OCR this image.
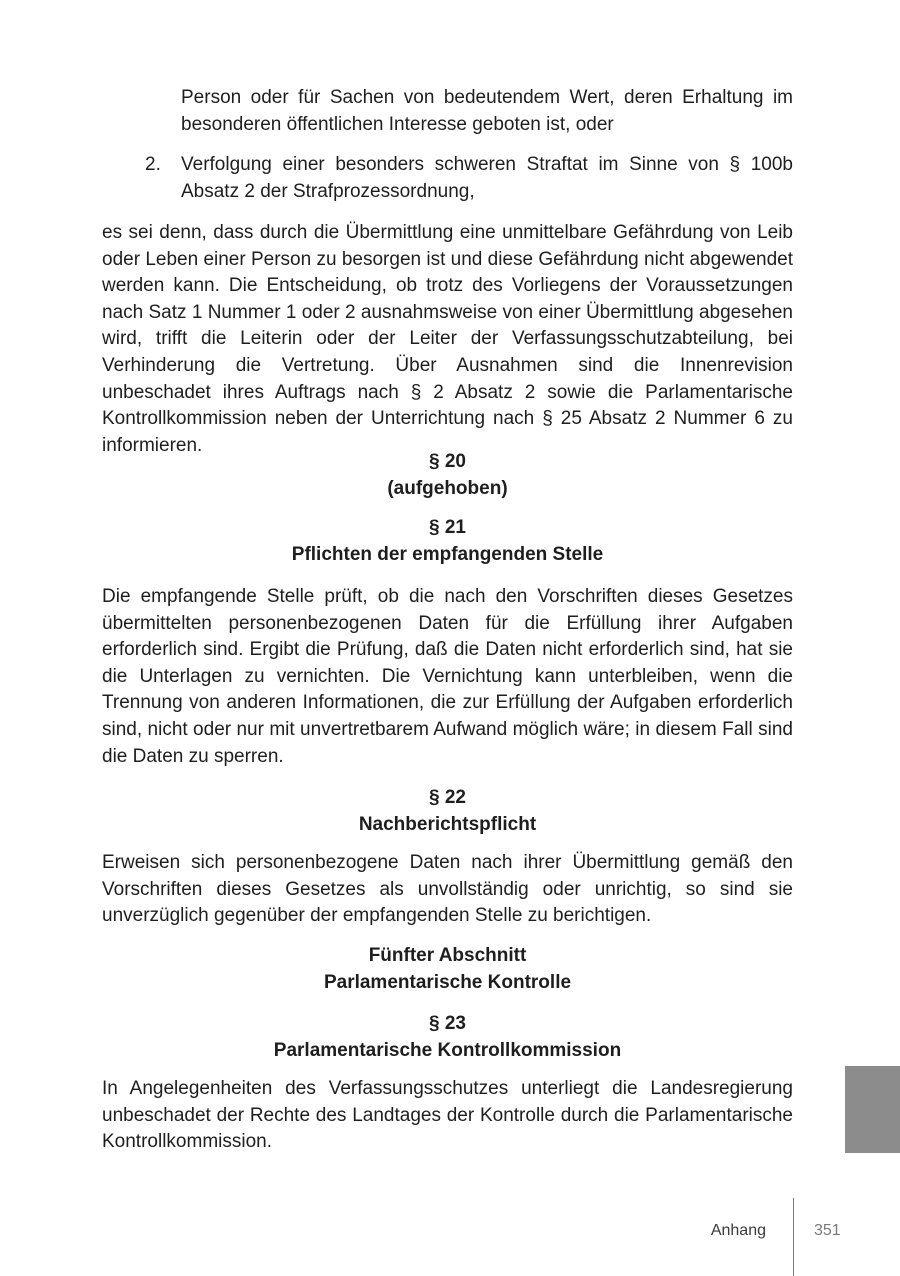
Person oder für Sachen von bedeutendem Wert, deren Erhaltung im besonderen öffentlichen Interesse geboten ist, oder
2. Verfolgung einer besonders schweren Straftat im Sinne von § 100b Absatz 2 der Strafprozessordnung,
es sei denn, dass durch die Übermittlung eine unmittelbare Gefährdung von Leib oder Leben einer Person zu besorgen ist und diese Gefährdung nicht abgewendet werden kann. Die Entscheidung, ob trotz des Vorliegens der Voraussetzungen nach Satz 1 Nummer 1 oder 2 ausnahmsweise von einer Übermittlung abgesehen wird, trifft die Leiterin oder der Leiter der Verfassungsschutzabteilung, bei Verhinderung die Vertretung. Über Ausnahmen sind die Innenrevision unbeschadet ihres Auftrags nach § 2 Absatz 2 sowie die Parlamentarische Kontrollkommission neben der Unterrichtung nach § 25 Absatz 2 Nummer 6 zu informieren.
§ 20
(aufgehoben)
§ 21
Pflichten der empfangenden Stelle
Die empfangende Stelle prüft, ob die nach den Vorschriften dieses Gesetzes übermittelten personenbezogenen Daten für die Erfüllung ihrer Aufgaben erforderlich sind. Ergibt die Prüfung, daß die Daten nicht erforderlich sind, hat sie die Unterlagen zu vernichten. Die Vernichtung kann unterbleiben, wenn die Trennung von anderen Informationen, die zur Erfüllung der Aufgaben erforderlich sind, nicht oder nur mit unvertretbarem Aufwand möglich wäre; in diesem Fall sind die Daten zu sperren.
§ 22
Nachberichtspflicht
Erweisen sich personenbezogene Daten nach ihrer Übermittlung gemäß den Vorschriften dieses Gesetzes als unvollständig oder unrichtig, so sind sie unverzüglich gegenüber der empfangenden Stelle zu berichtigen.
Fünfter Abschnitt
Parlamentarische Kontrolle
§ 23
Parlamentarische Kontrollkommission
In Angelegenheiten des Verfassungsschutzes unterliegt die Landesregierung unbeschadet der Rechte des Landtages der Kontrolle durch die Parlamentarische Kontrollkommission.
Anhang	351
